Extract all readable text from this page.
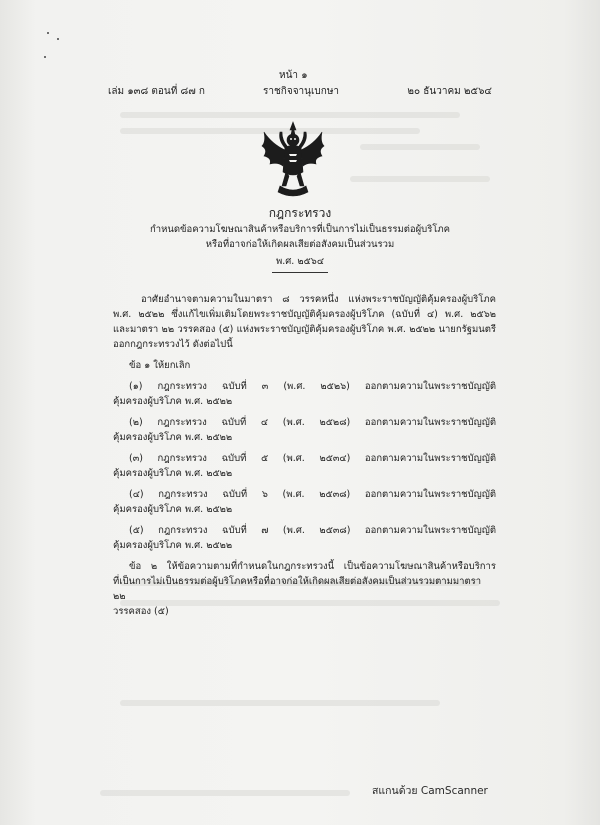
หน้า ๑
เล่ม ๑๓๘ ตอนที่ ๘๗ ก	ราชกิจจานุเบกษา	๒๐ ธันวาคม ๒๕๖๔
กฎกระทรวง
กำหนดข้อความโฆษณาสินค้าหรือบริการที่เป็นการไม่เป็นธรรมต่อผู้บริโภค
หรือที่อาจก่อให้เกิดผลเสียต่อสังคมเป็นส่วนรวม
พ.ศ. ๒๕๖๔
อาศัยอำนาจตามความในมาตรา ๘ วรรคหนึ่ง แห่งพระราชบัญญัติคุ้มครองผู้บริโภค
พ.ศ. ๒๕๒๒ ซึ่งแก้ไขเพิ่มเติมโดยพระราชบัญญัติคุ้มครองผู้บริโภค (ฉบับที่ ๔) พ.ศ. ๒๕๖๒
และมาตรา ๒๒ วรรคสอง (๕) แห่งพระราชบัญญัติคุ้มครองผู้บริโภค พ.ศ. ๒๕๒๒ นายกรัฐมนตรี
ออกกฎกระทรวงไว้ ดังต่อไปนี้
ข้อ ๑ ให้ยกเลิก
(๑) กฎกระทรวง ฉบับที่ ๓ (พ.ศ. ๒๕๒๖) ออกตามความในพระราชบัญญัติ
คุ้มครองผู้บริโภค พ.ศ. ๒๕๒๒
(๒) กฎกระทรวง ฉบับที่ ๔ (พ.ศ. ๒๕๒๘) ออกตามความในพระราชบัญญัติ
คุ้มครองผู้บริโภค พ.ศ. ๒๕๒๒
(๓) กฎกระทรวง ฉบับที่ ๕ (พ.ศ. ๒๕๓๔) ออกตามความในพระราชบัญญัติ
คุ้มครองผู้บริโภค พ.ศ. ๒๕๒๒
(๔) กฎกระทรวง ฉบับที่ ๖ (พ.ศ. ๒๕๓๘) ออกตามความในพระราชบัญญัติ
คุ้มครองผู้บริโภค พ.ศ. ๒๕๒๒
(๕) กฎกระทรวง ฉบับที่ ๗ (พ.ศ. ๒๕๓๘) ออกตามความในพระราชบัญญัติ
คุ้มครองผู้บริโภค พ.ศ. ๒๕๒๒
ข้อ ๒ ให้ข้อความตามที่กำหนดในกฎกระทรวงนี้ เป็นข้อความโฆษณาสินค้าหรือบริการ
ที่เป็นการไม่เป็นธรรมต่อผู้บริโภคหรือที่อาจก่อให้เกิดผลเสียต่อสังคมเป็นส่วนรวมตามมาตรา ๒๒
วรรคสอง (๕)
สแกนด้วย CamScanner
